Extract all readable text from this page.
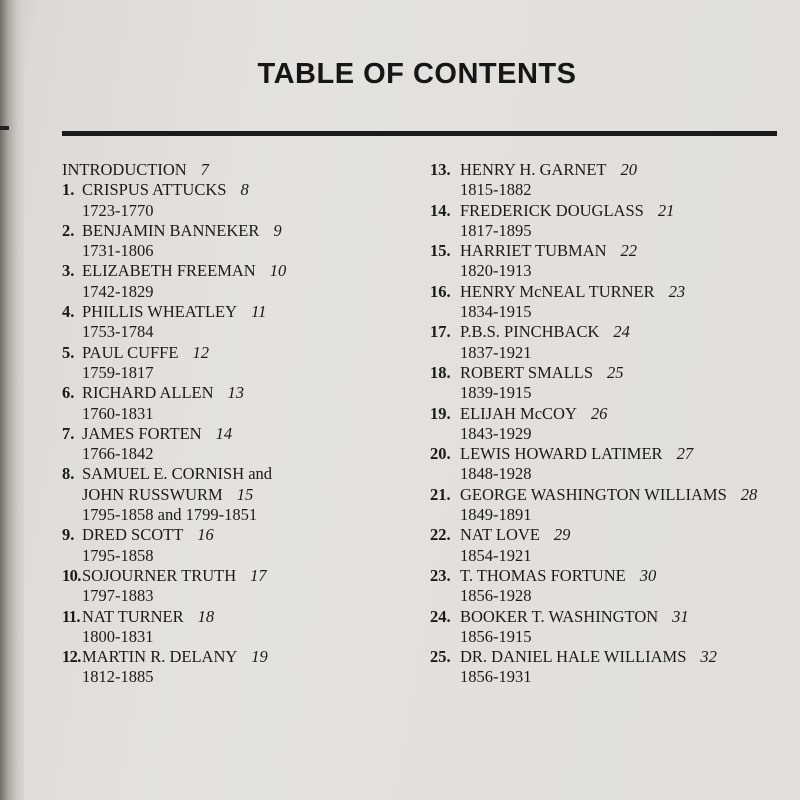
TABLE OF CONTENTS
INTRODUCTION 7
1. CRISPUS ATTUCKS 8
1723-1770
2. BENJAMIN BANNEKER 9
1731-1806
3. ELIZABETH FREEMAN 10
1742-1829
4. PHILLIS WHEATLEY 11
1753-1784
5. PAUL CUFFE 12
1759-1817
6. RICHARD ALLEN 13
1760-1831
7. JAMES FORTEN 14
1766-1842
8. SAMUEL E. CORNISH and
JOHN RUSSWURM 15
1795-1858 and 1799-1851
9. DRED SCOTT 16
1795-1858
10.SOJOURNER TRUTH 17
1797-1883
11. NAT TURNER 18
1800-1831
12.MARTIN R. DELANY 19
1812-1885
13. HENRY H. GARNET 20
1815-1882
14. FREDERICK DOUGLASS 21
1817-1895
15. HARRIET TUBMAN 22
1820-1913
16. HENRY McNEAL TURNER 23
1834-1915
17. P.B.S. PINCHBACK 24
1837-1921
18. ROBERT SMALLS 25
1839-1915
19. ELIJAH McCOY 26
1843-1929
20. LEWIS HOWARD LATIMER 27
1848-1928
21. GEORGE WASHINGTON WILLIAMS 28
1849-1891
22. NAT LOVE 29
1854-1921
23. T. THOMAS FORTUNE 30
1856-1928
24. BOOKER T. WASHINGTON 31
1856-1915
25. DR. DANIEL HALE WILLIAMS 32
1856-1931
